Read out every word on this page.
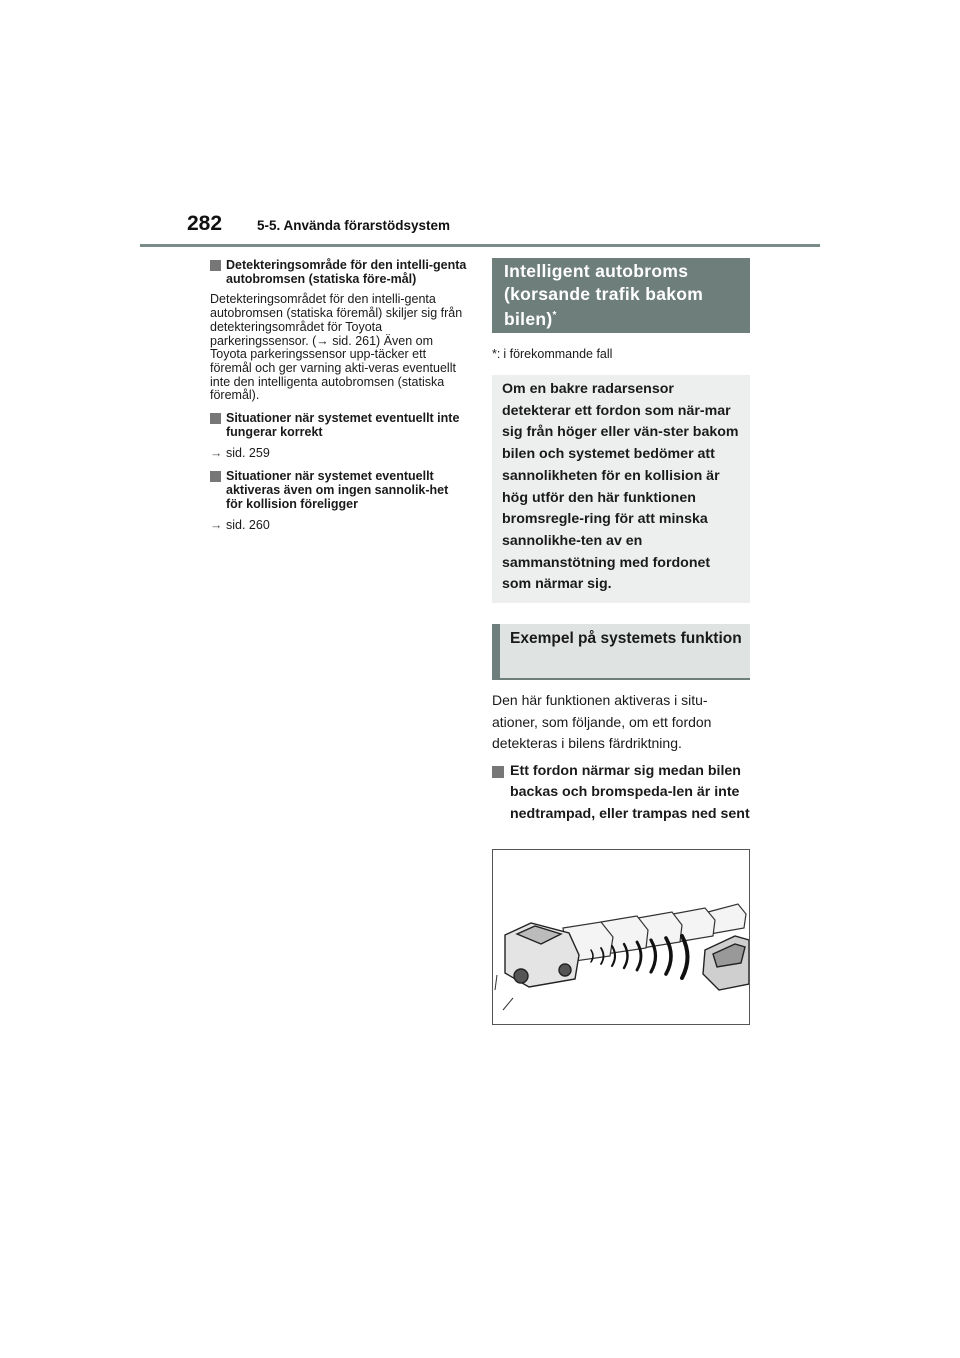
282	5-5. Använda förarstödsystem
Detekteringsområde för den intelli-genta autobromsen (statiska före-mål)
Detekteringsområdet för den intelli-genta autobromsen (statiska föremål) skiljer sig från detekteringsområdet för Toyota parkeringssensor. (→ sid. 261) Även om Toyota parkeringssensor upp-täcker ett föremål och ger varning akti-veras eventuellt inte den intelligenta autobromsen (statiska föremål).
Situationer när systemet eventuellt inte fungerar korrekt
→ sid. 259
Situationer när systemet eventuellt aktiveras även om ingen sannolik-het för kollision föreligger
→ sid. 260
Intelligent autobroms (korsande trafik bakom bilen)*
*: i förekommande fall
Om en bakre radarsensor detekterar ett fordon som när-mar sig från höger eller vän-ster bakom bilen och systemet bedömer att sannolikheten för en kollision är hög utför den här funktionen bromsregle-ring för att minska sannolikhe-ten av en sammanstötning med fordonet som närmar sig.
Exempel på systemets funktion
Den här funktionen aktiveras i situ-ationer, som följande, om ett fordon detekteras i bilens färdriktning.
Ett fordon närmar sig medan bilen backas och bromspeda-len är inte nedtrampad, eller trampas ned sent
